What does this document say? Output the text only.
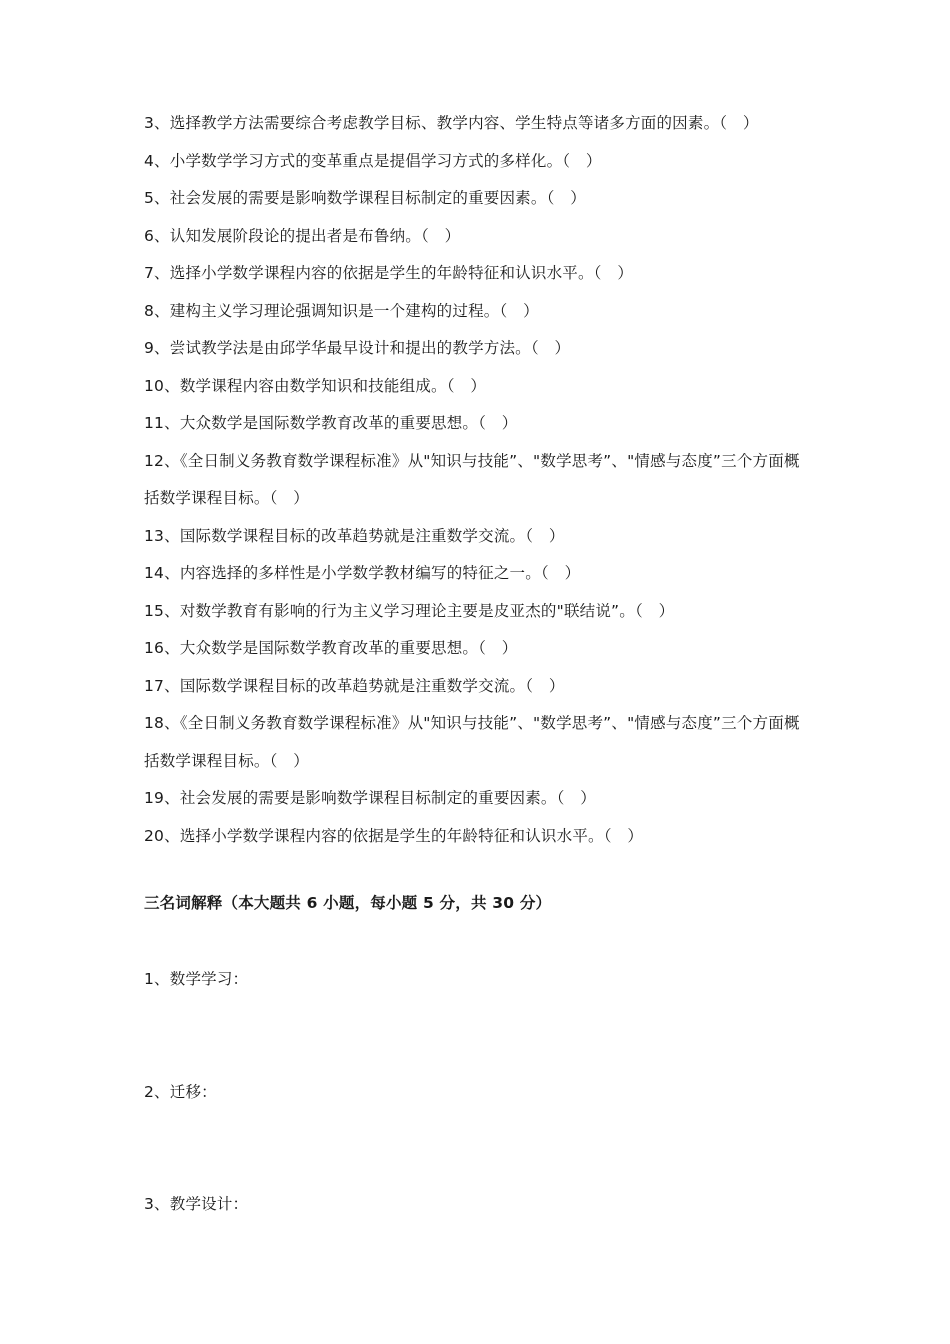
3、选择教学方法需要综合考虑教学目标、教学内容、学生特点等诸多方面的因素。（　）
4、小学数学学习方式的变革重点是提倡学习方式的多样化。（　）
5、社会发展的需要是影响数学课程目标制定的重要因素。（　）
6、认知发展阶段论的提出者是布鲁纳。（　）
7、选择小学数学课程内容的依据是学生的年龄特征和认识水平。（　）
8、建构主义学习理论强调知识是一个建构的过程。（　）
9、尝试教学法是由邱学华最早设计和提出的教学方法。（　）
10、数学课程内容由数学知识和技能组成。（　）
11、大众数学是国际数学教育改革的重要思想。（　）
12、《全日制义务教育数学课程标准》从"知识与技能”、"数学思考”、"情感与态度”三个方面概括数学课程目标。（　）
13、国际数学课程目标的改革趋势就是注重数学交流。（　）
14、内容选择的多样性是小学数学教材编写的特征之一。（　）
15、对数学教育有影响的行为主义学习理论主要是皮亚杰的"联结说”。（　）
16、大众数学是国际数学教育改革的重要思想。（　）
17、国际数学课程目标的改革趋势就是注重数学交流。（　）
18、《全日制义务教育数学课程标准》从"知识与技能”、"数学思考”、"情感与态度”三个方面概括数学课程目标。（　）
19、社会发展的需要是影响数学课程目标制定的重要因素。（　）
20、选择小学数学课程内容的依据是学生的年龄特征和认识水平。（　）
三名词解释（本大题共 6 小题，每小题 5 分，共 30 分）
1、数学学习：
2、迁移：
3、教学设计：
